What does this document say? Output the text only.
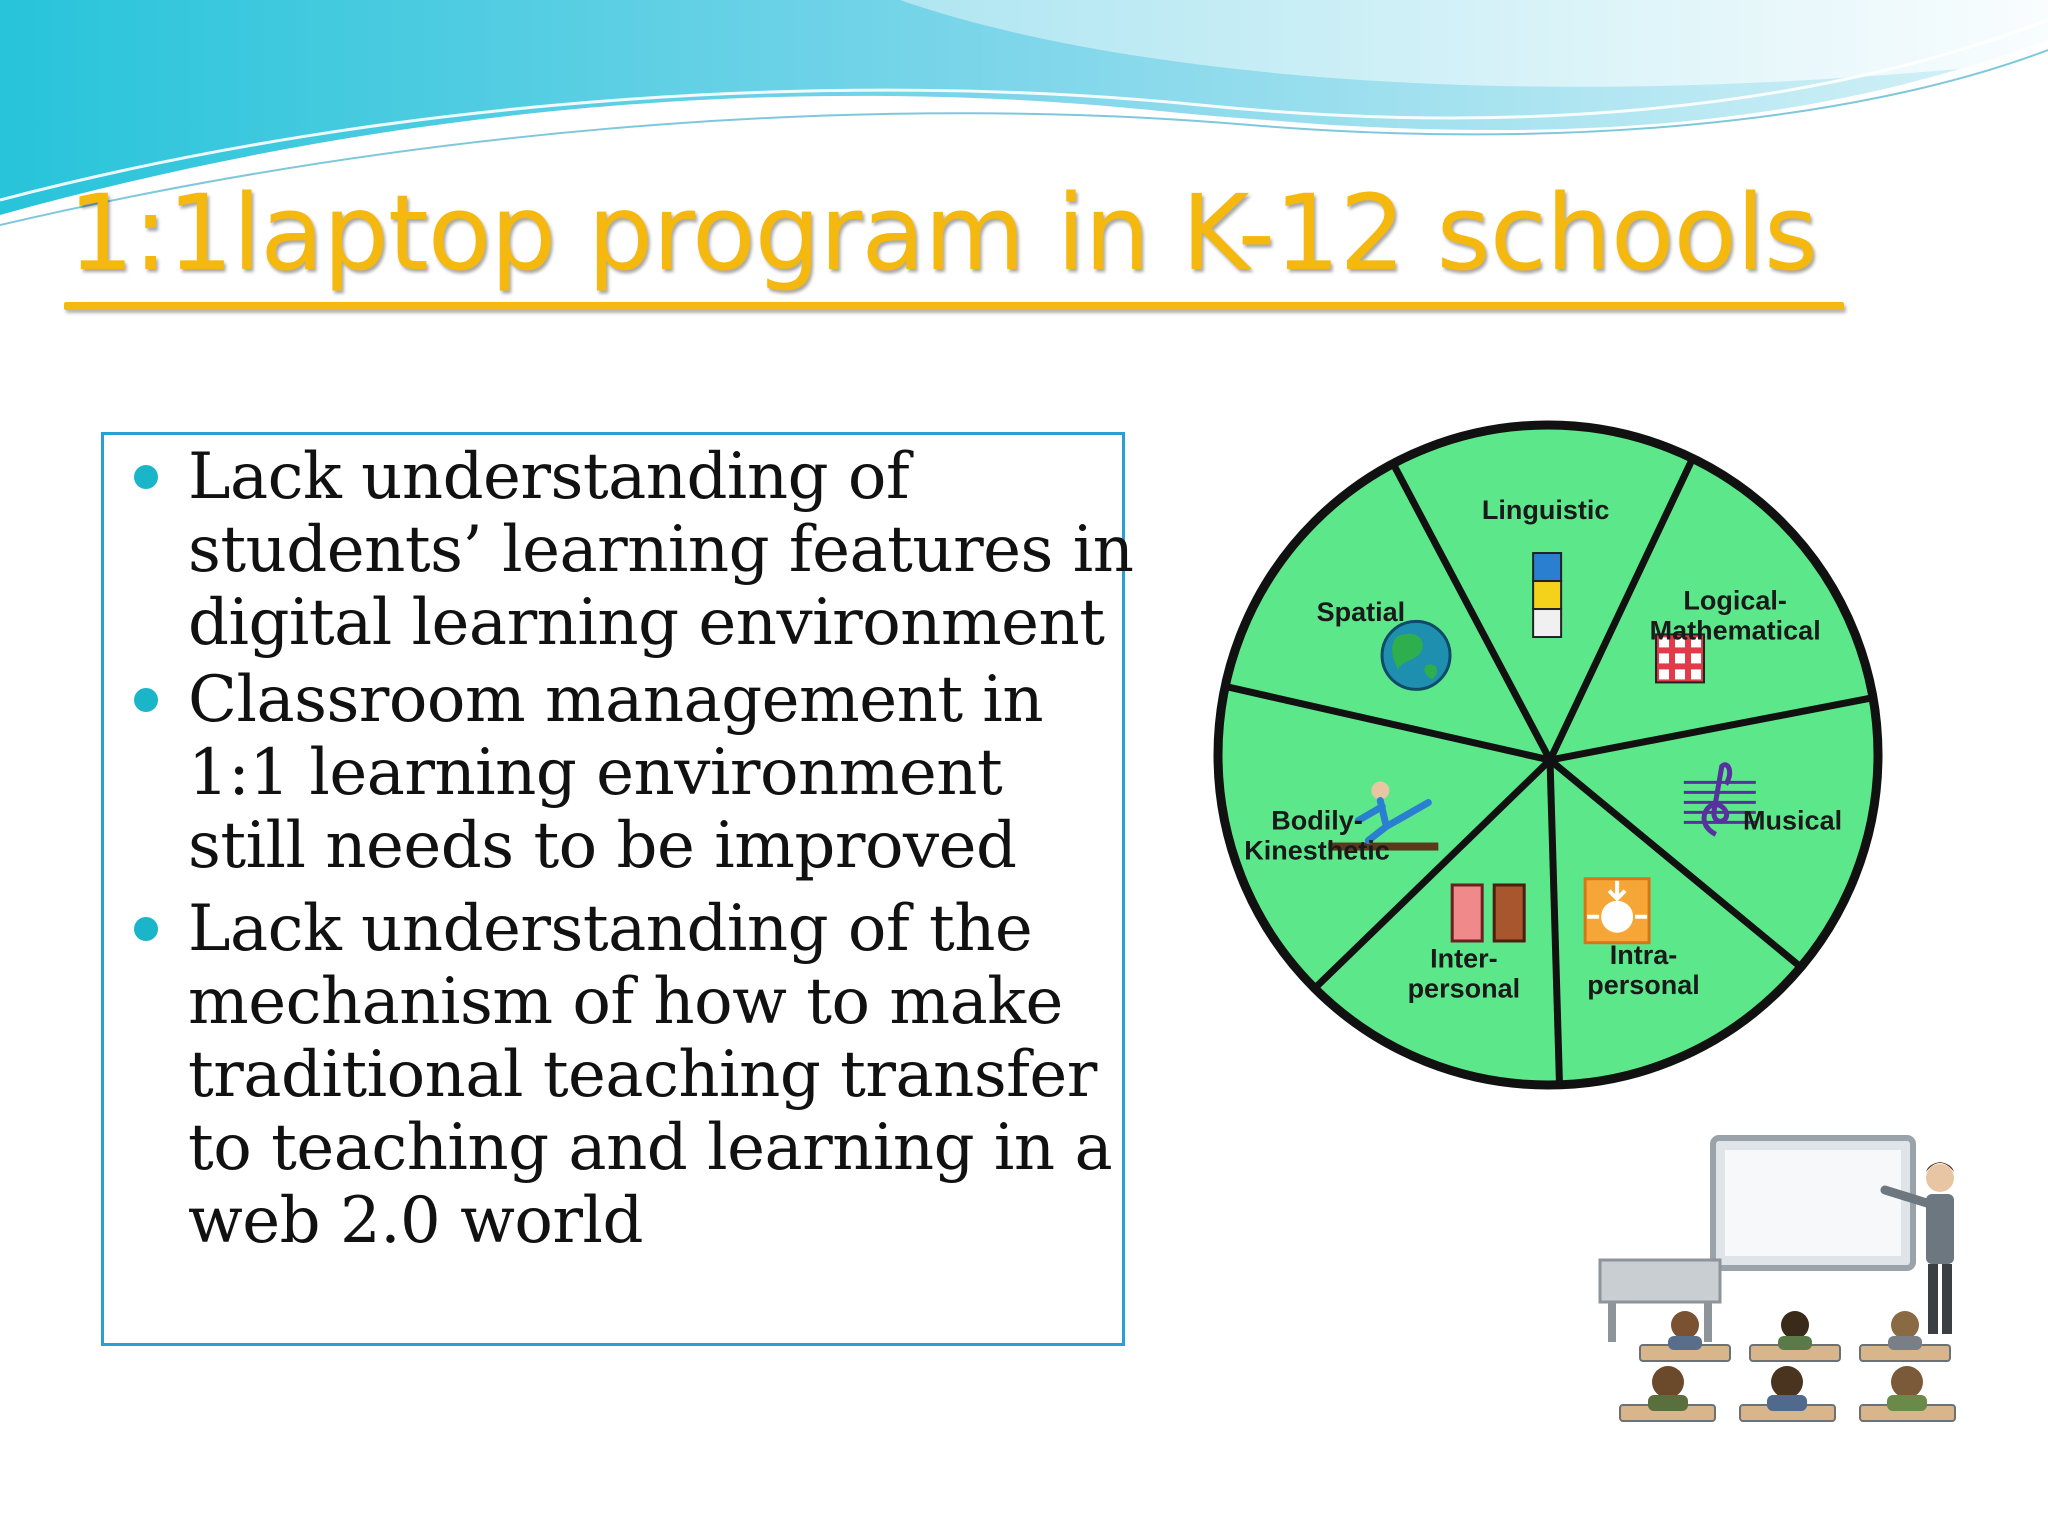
1:1laptop program in K-12 schools
Lack understanding of students’ learning features in digital learning environment
Classroom management in 1:1 learning environment still needs to be improved
Lack understanding of the mechanism of how to make traditional teaching transfer to teaching and learning in a web 2.0 world
Linguistic
Logical-
Mathematical
Musical
Intra-
personal
Inter-
personal
Bodily-
Kinesthetic
Spatial
